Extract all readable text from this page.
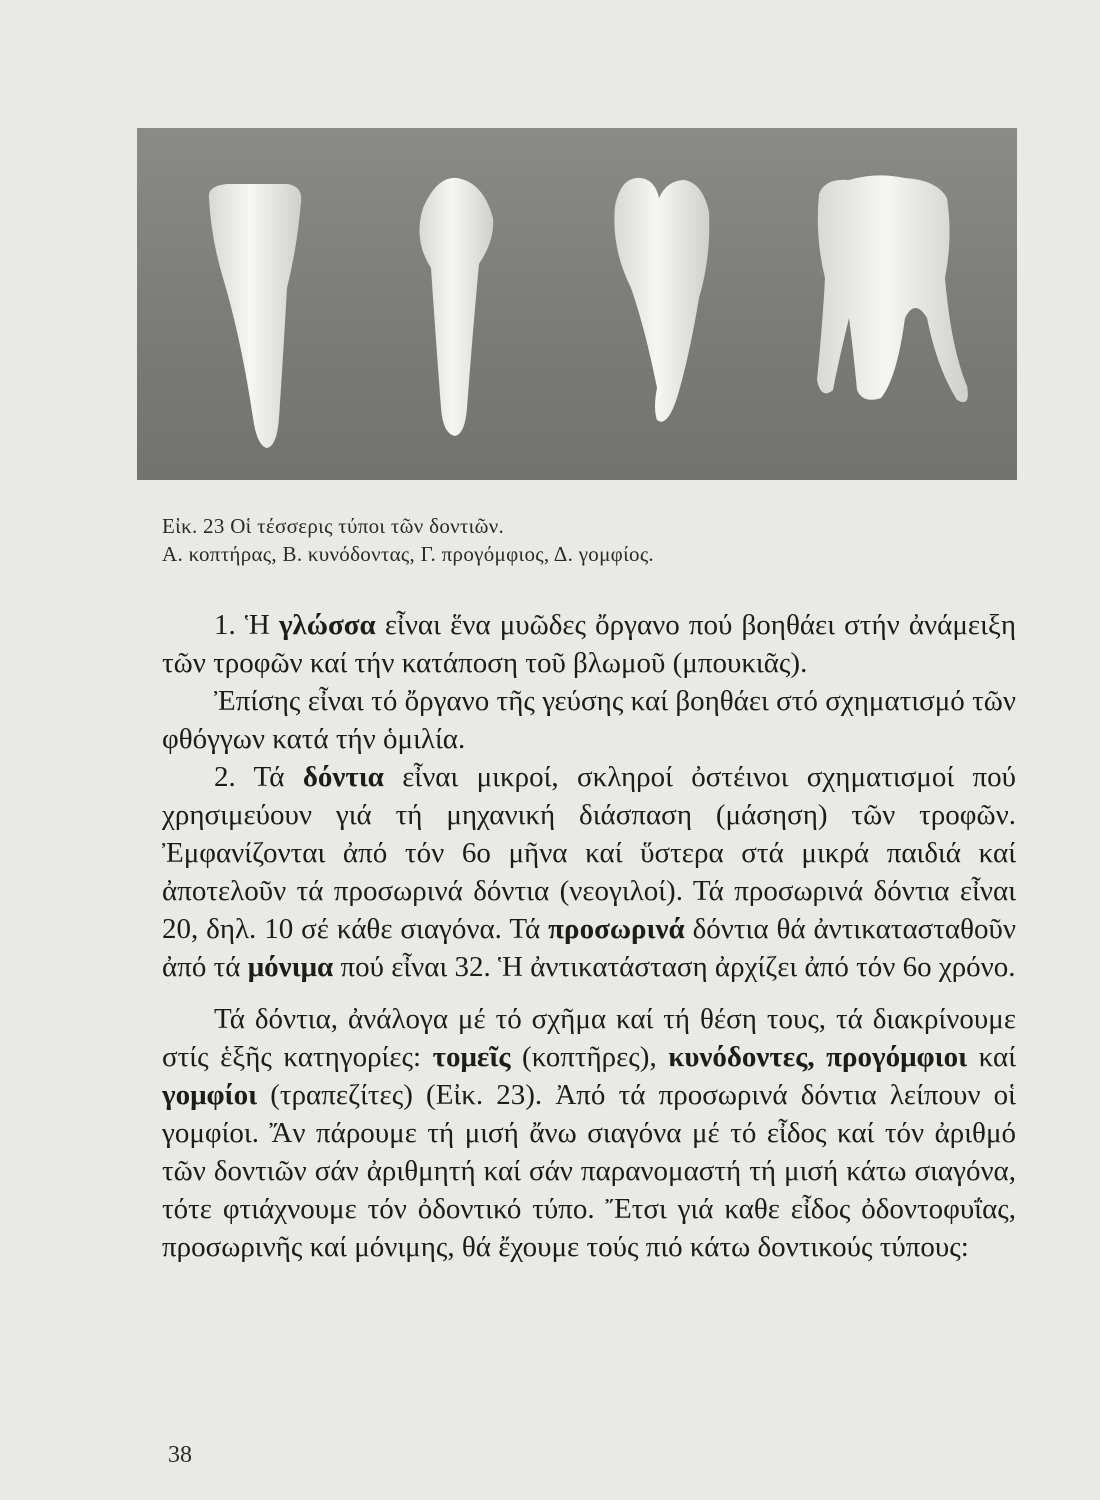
Εἰκ. 23 Οἱ τέσσερις τύποι τῶν δοντιῶν.
Α. κοπτήρας, Β. κυνόδοντας, Γ. προγόμφιος, Δ. γομφίος.

1. Ἡ γλώσσα εἶναι ἕνα μυῶδες ὄργανο πού βοηθάει στήν ἀνάμειξη τῶν τροφῶν καί τήν κατάποση τοῦ βλωμοῦ (μπουκιᾶς).

Ἐπίσης εἶναι τό ὄργανο τῆς γεύσης καί βοηθάει στό σχηματισμό τῶν φθόγγων κατά τήν ὁμιλία.

2. Τά δόντια εἶναι μικροί, σκληροί ὀστέινοι σχηματισμοί πού χρησιμεύουν γιά τή μηχανική διάσπαση (μάσηση) τῶν τροφῶν. Ἐμφανίζονται ἀπό τόν 6ο μῆνα καί ὕστερα στά μικρά παιδιά καί ἀποτελοῦν τά προσωρινά δόντια (νεογιλοί). Τά προσωρινά δόντια εἶναι 20, δηλ. 10 σέ κάθε σιαγόνα. Τά προσωρινά δόντια θά ἀντικατασταθοῦν ἀπό τά μόνιμα πού εἶναι 32. Ἡ ἀντικατάσταση ἀρχίζει ἀπό τόν 6ο χρόνο.

Τά δόντια, ἀνάλογα μέ τό σχῆμα καί τή θέση τους, τά διακρίνουμε στίς ἑξῆς κατηγορίες: τομεῖς (κοπτῆρες), κυνόδοντες, προγόμφιοι καί γομφίοι (τραπεζίτες) (Εἰκ. 23). Ἀπό τά προσωρινά δόντια λείπουν οἱ γομφίοι. Ἄν πάρουμε τή μισή ἄνω σιαγόνα μέ τό εἶδος καί τόν ἀριθμό τῶν δοντιῶν σάν ἀριθμητή καί σάν παρανομαστή τή μισή κάτω σιαγόνα, τότε φτιάχνουμε τόν ὀδοντικό τύπο. Ἔτσι γιά καθε εἶδος ὀδοντοφυΐας, προσωρινῆς καί μόνιμης, θά ἔχουμε τούς πιό κάτω δοντικούς τύπους:

38
